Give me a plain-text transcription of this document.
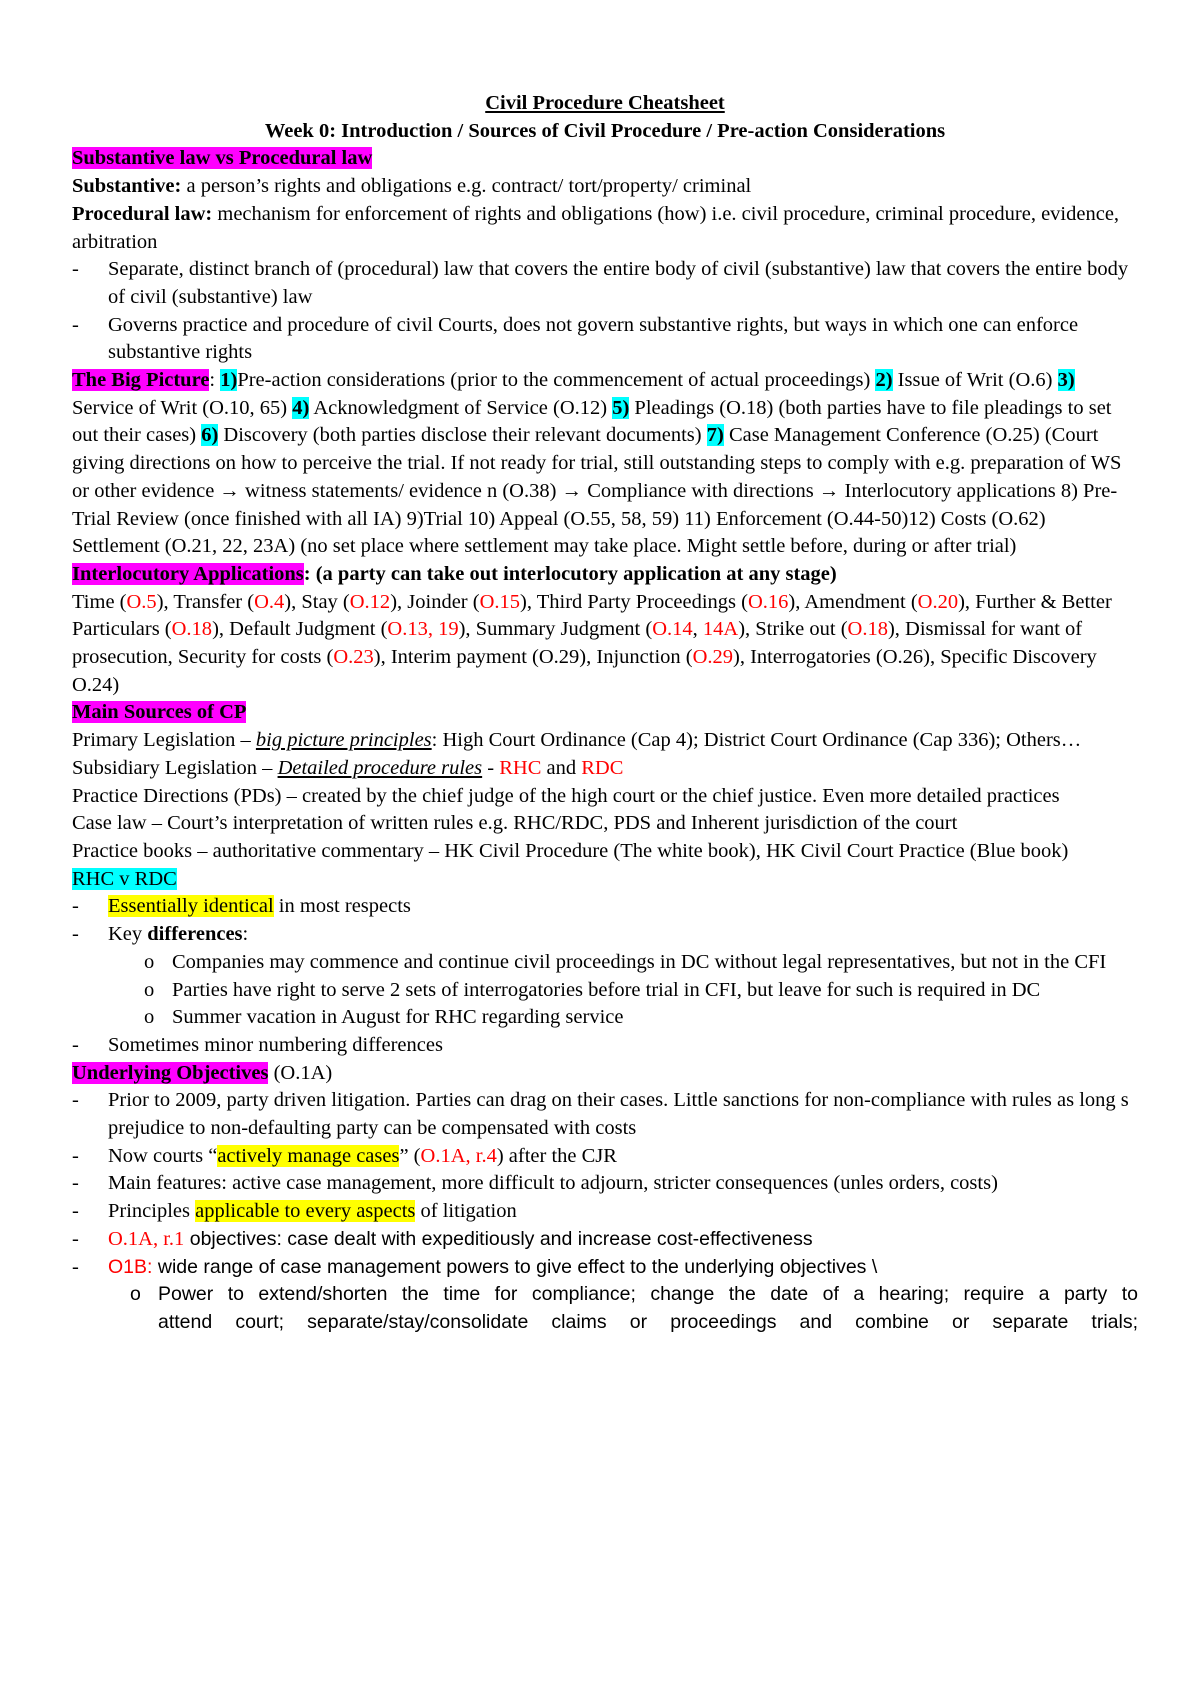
Civil Procedure Cheatsheet

Week 0: Introduction / Sources of Civil Procedure / Pre-action Considerations

Substantive law vs Procedural law

Substantive: a person’s rights and obligations e.g. contract/ tort/property/ criminal

Procedural law: mechanism for enforcement of rights and obligations (how) i.e. civil procedure, criminal procedure, evidence, arbitration

- Separate, distinct branch of (procedural) law that covers the entire body of civil (substantive) law that covers the entire body of civil (substantive) law

- Governs practice and procedure of civil Courts, does not govern substantive rights, but ways in which one can enforce substantive rights

The Big Picture: 1)Pre-action considerations (prior to the commencement of actual proceedings) 2) Issue of Writ (O.6) 3) Service of Writ (O.10, 65) 4) Acknowledgment of Service (O.12) 5) Pleadings (O.18) (both parties have to file pleadings to set out their cases) 6) Discovery (both parties disclose their relevant documents) 7) Case Management Conference (O.25) (Court giving directions on how to perceive the trial. If not ready for trial, still outstanding steps to comply with e.g. preparation of WS or other evidence → witness statements/ evidence n (O.38) → Compliance with directions → Interlocutory applications 8) Pre-Trial Review (once finished with all IA) 9)Trial 10) Appeal (O.55, 58, 59) 11) Enforcement (O.44-50)12) Costs (O.62)

Settlement (O.21, 22, 23A) (no set place where settlement may take place. Might settle before, during or after trial)

Interlocutory Applications: (a party can take out interlocutory application at any stage)

Time (O.5), Transfer (O.4), Stay (O.12), Joinder (O.15), Third Party Proceedings (O.16), Amendment (O.20), Further & Better Particulars (O.18), Default Judgment (O.13, 19), Summary Judgment (O.14, 14A), Strike out (O.18), Dismissal for want of prosecution, Security for costs (O.23), Interim payment (O.29), Injunction (O.29), Interrogatories (O.26), Specific Discovery O.24)

Main Sources of CP

Primary Legislation – big picture principles: High Court Ordinance (Cap 4); District Court Ordinance (Cap 336); Others…

Subsidiary Legislation – Detailed procedure rules - RHC and RDC

Practice Directions (PDs) – created by the chief judge of the high court or the chief justice. Even more detailed practices

Case law – Court’s interpretation of written rules e.g. RHC/RDC, PDS and Inherent jurisdiction of the court

Practice books – authoritative commentary – HK Civil Procedure (The white book), HK Civil Court Practice (Blue book)

RHC v RDC

- Essentially identical in most respects

- Key differences:

o Companies may commence and continue civil proceedings in DC without legal representatives, but not in the CFI

o Parties have right to serve 2 sets of interrogatories before trial in CFI, but leave for such is required in DC

o Summer vacation in August for RHC regarding service

- Sometimes minor numbering differences

Underlying Objectives (O.1A)

- Prior to 2009, party driven litigation. Parties can drag on their cases. Little sanctions for non-compliance with rules as long s prejudice to non-defaulting party can be compensated with costs

- Now courts “actively manage cases” (O.1A, r.4) after the CJR

- Main features: active case management, more difficult to adjourn, stricter consequences (unles orders, costs)

- Principles applicable to every aspects of litigation

- O.1A, r.1 objectives: case dealt with expeditiously and increase cost-effectiveness

- O1B: wide range of case management powers to give effect to the underlying objectives \

o Power to extend/shorten the time for compliance; change the date of a hearing; require a party to

attend court; separate/stay/consolidate claims or proceedings and combine or separate trials;
